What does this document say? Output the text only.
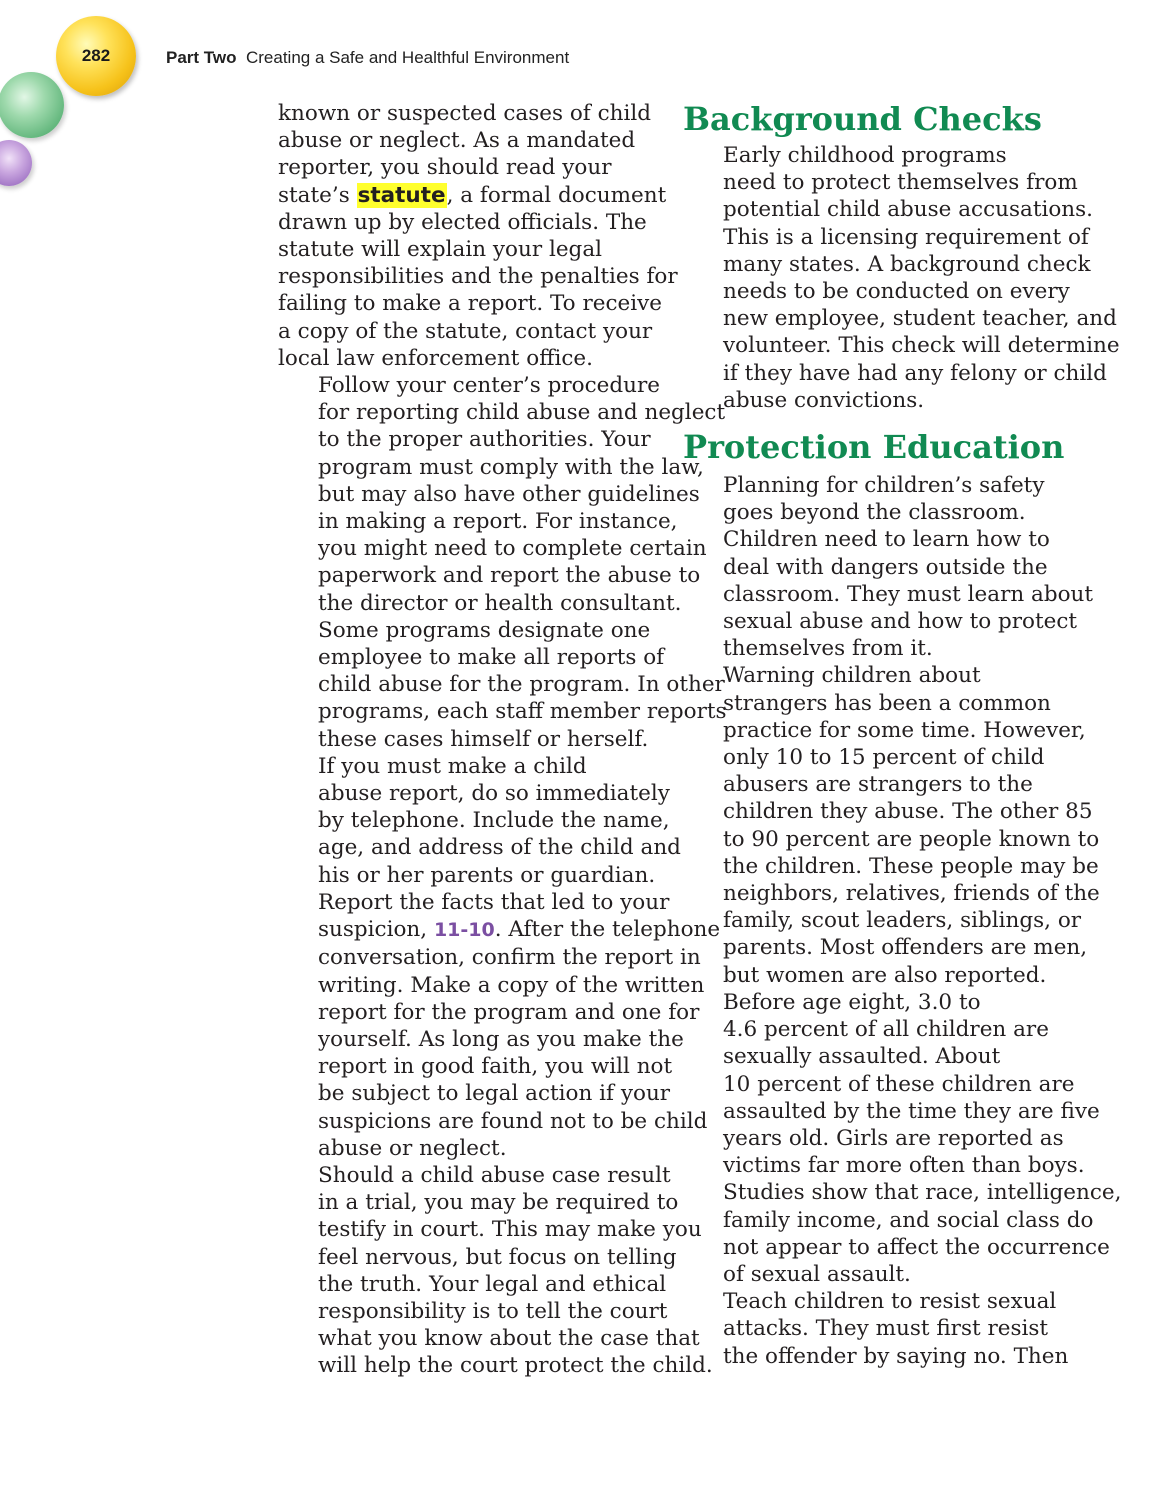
282	Part Two Creating a Safe and Healthful Environment

known or suspected cases of child
abuse or neglect. As a mandated
reporter, you should read your
state’s statute, a formal document
drawn up by elected officials. The
statute will explain your legal
responsibilities and the penalties for
failing to make a report. To receive
a copy of the statute, contact your
local law enforcement office.

Follow your center’s procedure
for reporting child abuse and neglect
to the proper authorities. Your
program must comply with the law,
but may also have other guidelines
in making a report. For instance,
you might need to complete certain
paperwork and report the abuse to
the director or health consultant.
Some programs designate one
employee to make all reports of
child abuse for the program. In other
programs, each staff member reports
these cases himself or herself.

If you must make a child
abuse report, do so immediately
by telephone. Include the name,
age, and address of the child and
his or her parents or guardian.
Report the facts that led to your
suspicion, 11-10. After the telephone
conversation, confirm the report in
writing. Make a copy of the written
report for the program and one for
yourself. As long as you make the
report in good faith, you will not
be subject to legal action if your
suspicions are found not to be child
abuse or neglect.

Should a child abuse case result
in a trial, you may be required to
testify in court. This may make you
feel nervous, but focus on telling
the truth. Your legal and ethical
responsibility is to tell the court
what you know about the case that
will help the court protect the child.

Background Checks

Early childhood programs
need to protect themselves from
potential child abuse accusations.
This is a licensing requirement of
many states. A background check
needs to be conducted on every
new employee, student teacher, and
volunteer. This check will determine
if they have had any felony or child
abuse convictions.

Protection Education

Planning for children’s safety
goes beyond the classroom.
Children need to learn how to
deal with dangers outside the
classroom. They must learn about
sexual abuse and how to protect
themselves from it.

Warning children about
strangers has been a common
practice for some time. However,
only 10 to 15 percent of child
abusers are strangers to the
children they abuse. The other 85
to 90 percent are people known to
the children. These people may be
neighbors, relatives, friends of the
family, scout leaders, siblings, or
parents. Most offenders are men,
but women are also reported.

Before age eight, 3.0 to
4.6 percent of all children are
sexually assaulted. About
10 percent of these children are
assaulted by the time they are five
years old. Girls are reported as
victims far more often than boys.
Studies show that race, intelligence,
family income, and social class do
not appear to affect the occurrence
of sexual assault.

Teach children to resist sexual
attacks. They must first resist
the offender by saying no. Then
